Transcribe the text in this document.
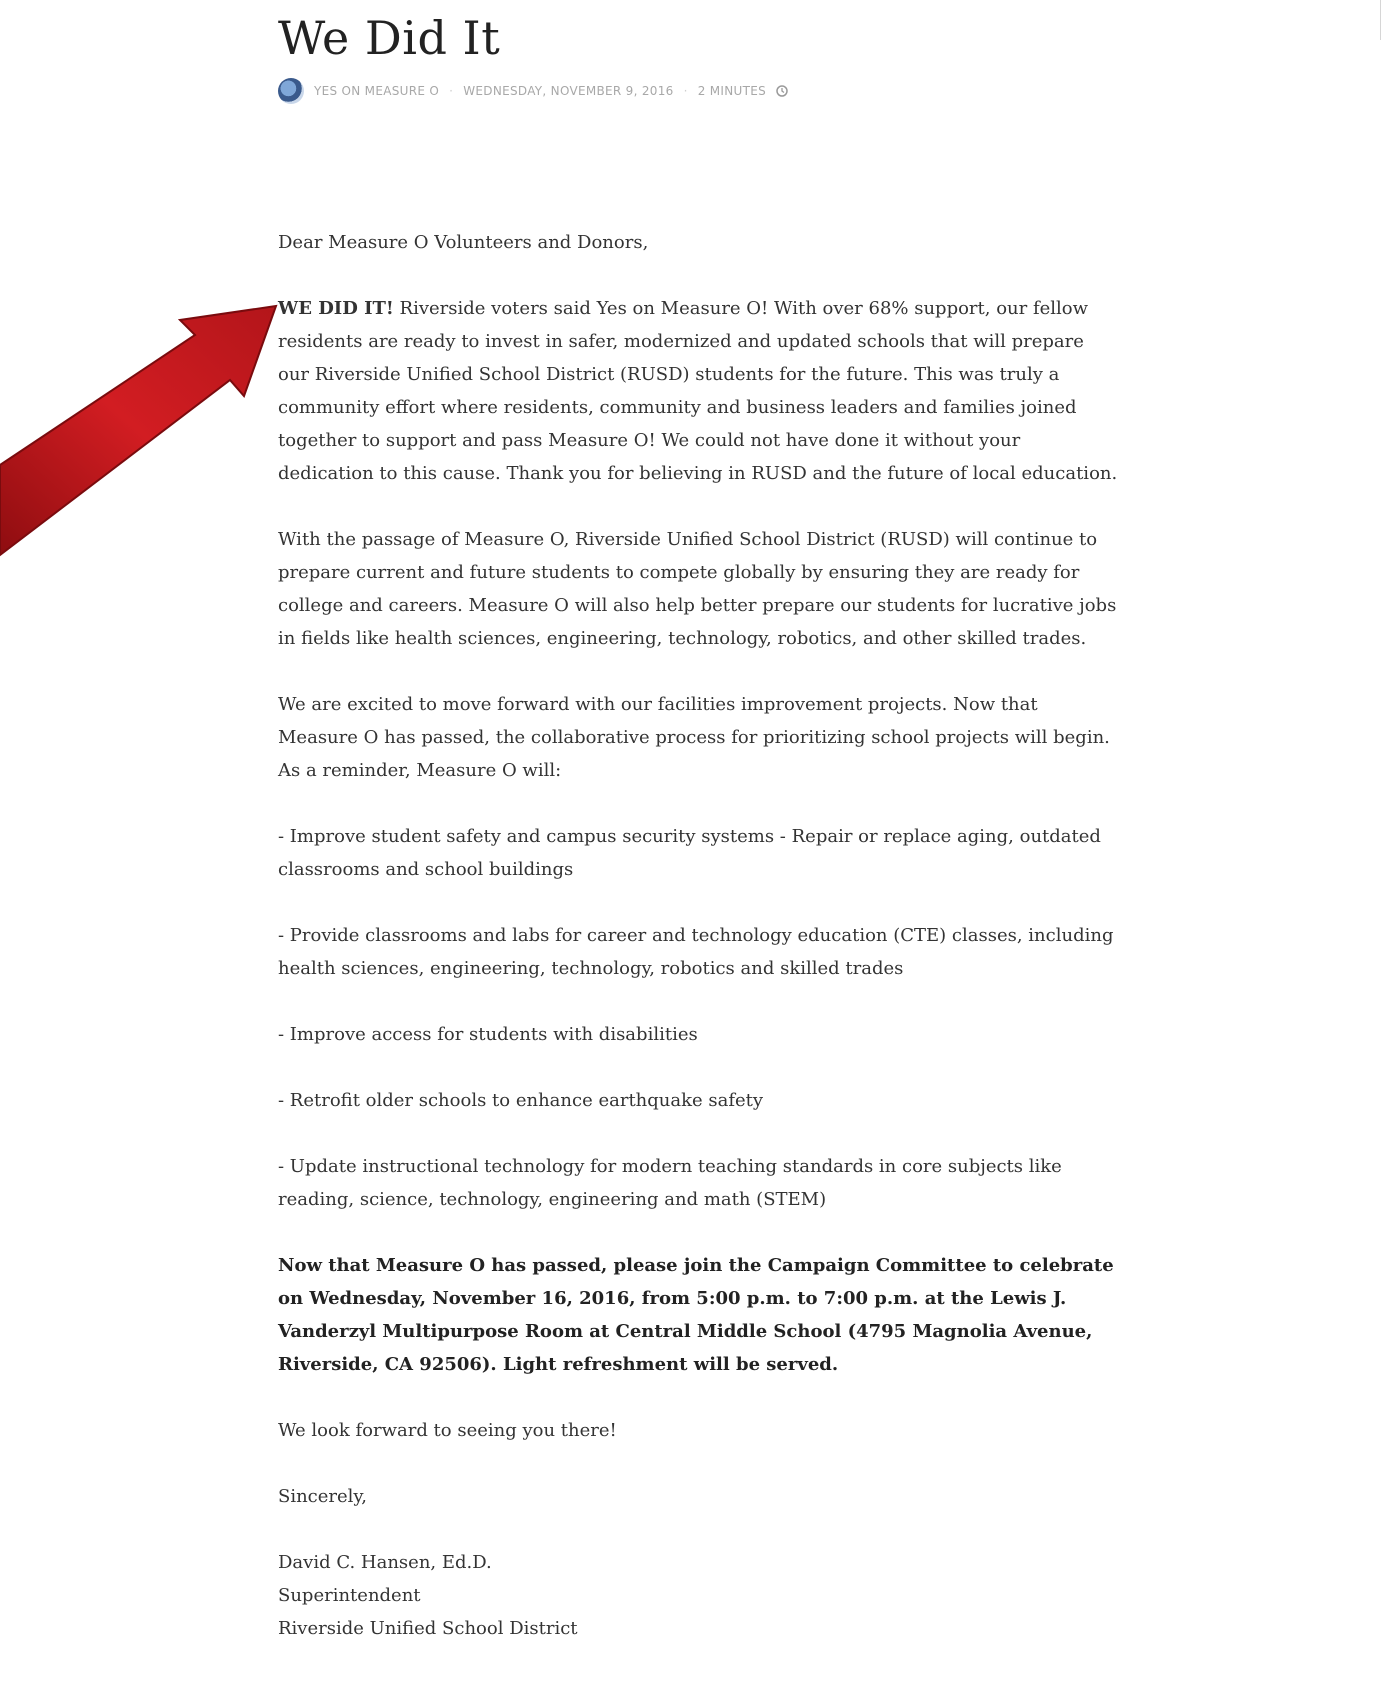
We Did It
YES ON MEASURE O · WEDNESDAY, NOVEMBER 9, 2016 · 2 MINUTES

Dear Measure O Volunteers and Donors,

WE DID IT! Riverside voters said Yes on Measure O! With over 68% support, our fellow residents are ready to invest in safer, modernized and updated schools that will prepare our Riverside Unified School District (RUSD) students for the future. This was truly a community effort where residents, community and business leaders and families joined together to support and pass Measure O! We could not have done it without your dedication to this cause. Thank you for believing in RUSD and the future of local education.

With the passage of Measure O, Riverside Unified School District (RUSD) will continue to prepare current and future students to compete globally by ensuring they are ready for college and careers. Measure O will also help better prepare our students for lucrative jobs in fields like health sciences, engineering, technology, robotics, and other skilled trades.

We are excited to move forward with our facilities improvement projects. Now that Measure O has passed, the collaborative process for prioritizing school projects will begin. As a reminder, Measure O will:

- Improve student safety and campus security systems - Repair or replace aging, outdated classrooms and school buildings

- Provide classrooms and labs for career and technology education (CTE) classes, including health sciences, engineering, technology, robotics and skilled trades

- Improve access for students with disabilities

- Retrofit older schools to enhance earthquake safety

- Update instructional technology for modern teaching standards in core subjects like reading, science, technology, engineering and math (STEM)

Now that Measure O has passed, please join the Campaign Committee to celebrate on Wednesday, November 16, 2016, from 5:00 p.m. to 7:00 p.m. at the Lewis J. Vanderzyl Multipurpose Room at Central Middle School (4795 Magnolia Avenue, Riverside, CA 92506). Light refreshment will be served.

We look forward to seeing you there!

Sincerely,

David C. Hansen, Ed.D.
Superintendent
Riverside Unified School District
